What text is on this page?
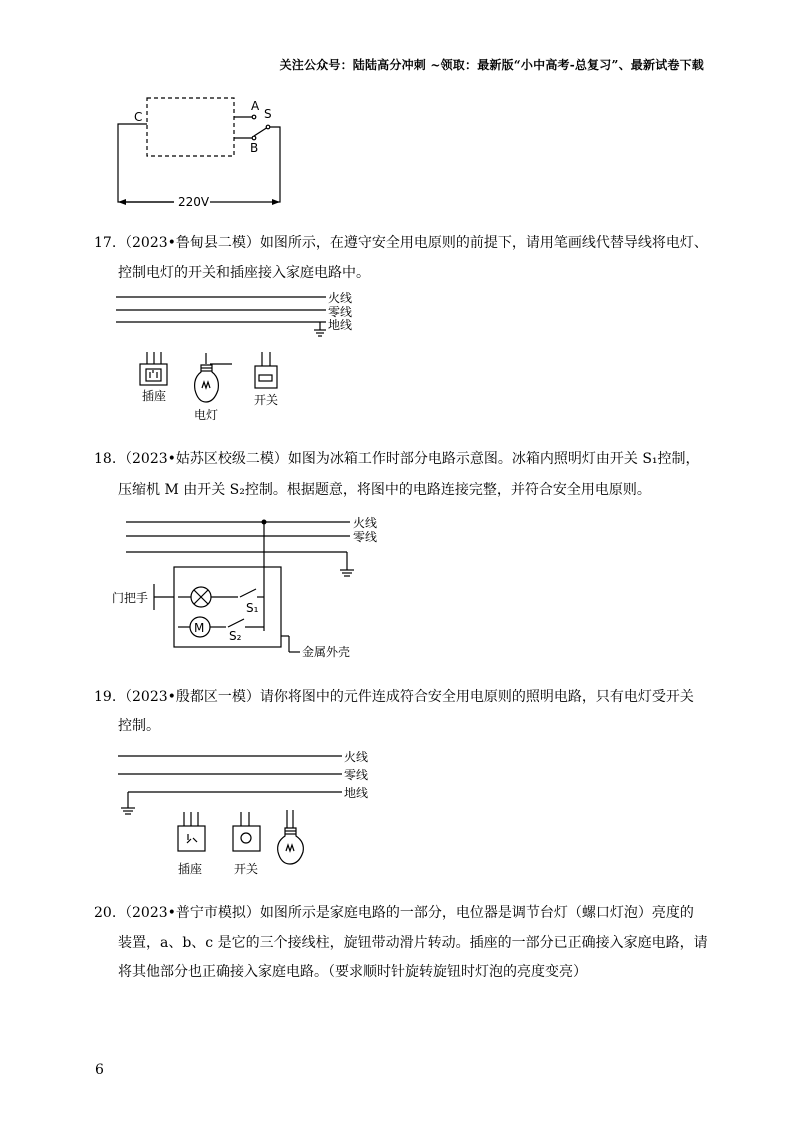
关注公众号：陆陆高分冲刺 ~领取：最新版“小中高考-总复习”、最新试卷下载
C
A
S
B
220V
17. （2023•鲁甸县二模）如图所示，在遵守安全用电原则的前提下，请用笔画线代替导线将电灯、
控制电灯的开关和插座接入家庭电路中。
火线
零线
地线
插座
电灯
开关
18. （2023•姑苏区校级二模）如图为冰箱工作时部分电路示意图。冰箱内照明灯由开关 S₁控制，
压缩机 M 由开关 S₂控制。根据题意，将图中的电路连接完整，并符合安全用电原则。
火线
零线
门把手
M
S₁
S₂
金属外壳
19. （2023•殷都区一模）请你将图中的元件连成符合安全用电原则的照明电路，只有电灯受开关
控制。
火线
零线
地线
插座	开关
20. （2023•普宁市模拟）如图所示是家庭电路的一部分，电位器是调节台灯（螺口灯泡）亮度的
装置，a、b、c 是它的三个接线柱，旋钮带动滑片转动。插座的一部分已正确接入家庭电路，请
将其他部分也正确接入家庭电路。（要求顺时针旋转旋钮时灯泡的亮度变亮）
6
